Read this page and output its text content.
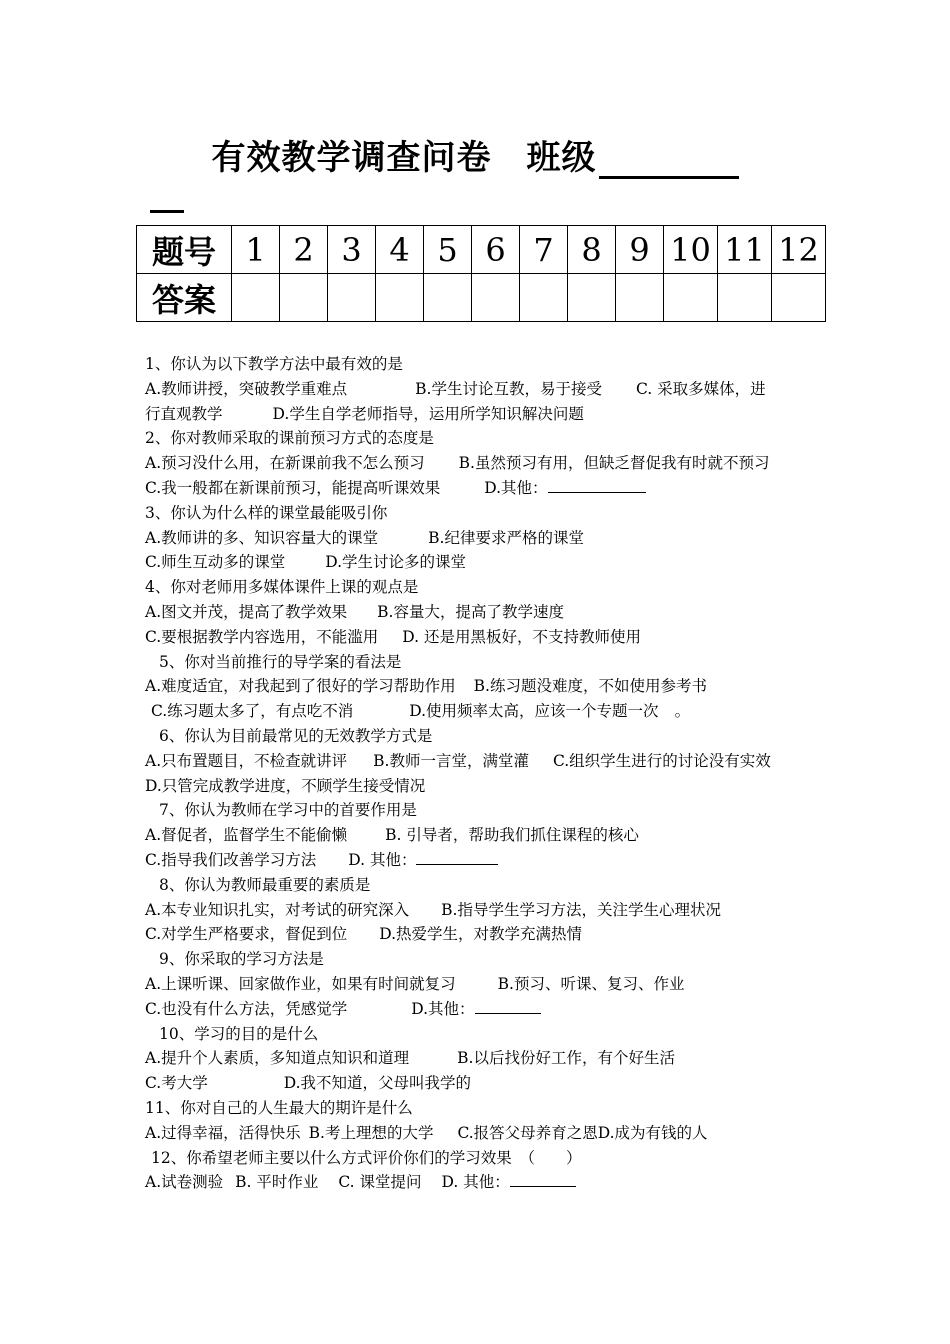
有效教学调查问卷　班级
题号	1	2	3	4	5	6	7	8	9	10	11	12
答案												
1、你认为以下教学方法中最有效的是
A.教师讲授，突破教学重难点	B.学生讨论互教，易于接受 C. 采取多媒体，进
行直观教学	D.学生自学老师指导，运用所学知识解决问题
2、你对教师采取的课前预习方式的态度是
A.预习没什么用，在新课前我不怎么预习 B.虽然预习有用，但缺乏督促我有时就不预习
C.我一般都在新课前预习，能提高听课效果	D.其他：
3、你认为什么样的课堂最能吸引你
A.教师讲的多、知识容量大的课堂	B.纪律要求严格的课堂
C.师生互动多的课堂	D.学生讨论多的课堂
4、你对老师用多媒体课件上课的观点是
A.图文并茂，提高了教学效果 B.容量大，提高了教学速度
C.要根据教学内容选用，不能滥用 D. 还是用黑板好，不支持教师使用
5、你对当前推行的导学案的看法是
A.难度适宜，对我起到了很好的学习帮助作用 B.练习题没难度，不如使用参考书
C.练习题太多了，有点吃不消	D.使用频率太高，应该一个专题一次 。
6、你认为目前最常见的无效教学方式是
A.只布置题目，不检查就讲评 B.教师一言堂，满堂灌 C.组织学生进行的讨论没有实效
D.只管完成教学进度，不顾学生接受情况
7、你认为教师在学习中的首要作用是
A.督促者，监督学生不能偷懒 B. 引导者，帮助我们抓住课程的核心
C.指导我们改善学习方法 D. 其他：
8、你认为教师最重要的素质是
A.本专业知识扎实，对考试的研究深入 B.指导学生学习方法，关注学生心理状况
C.对学生严格要求，督促到位 D.热爱学生，对教学充满热情
9、你采取的学习方法是
A.上课听课、回家做作业，如果有时间就复习	B.预习、听课、复习、作业
C.也没有什么方法，凭感觉学	D.其他：
10、学习的目的是什么
A.提升个人素质，多知道点知识和道理	B.以后找份好工作，有个好生活
C.考大学	D.我不知道，父母叫我学的
11、你对自己的人生最大的期许是什么
A.过得幸福，活得快乐 B.考上理想的大学 C.报答父母养育之恩D.成为有钱的人
12、你希望老师主要以什么方式评价你们的学习效果　（　　）
A.试卷测验 B. 平时作业 C. 课堂提问 D. 其他：
